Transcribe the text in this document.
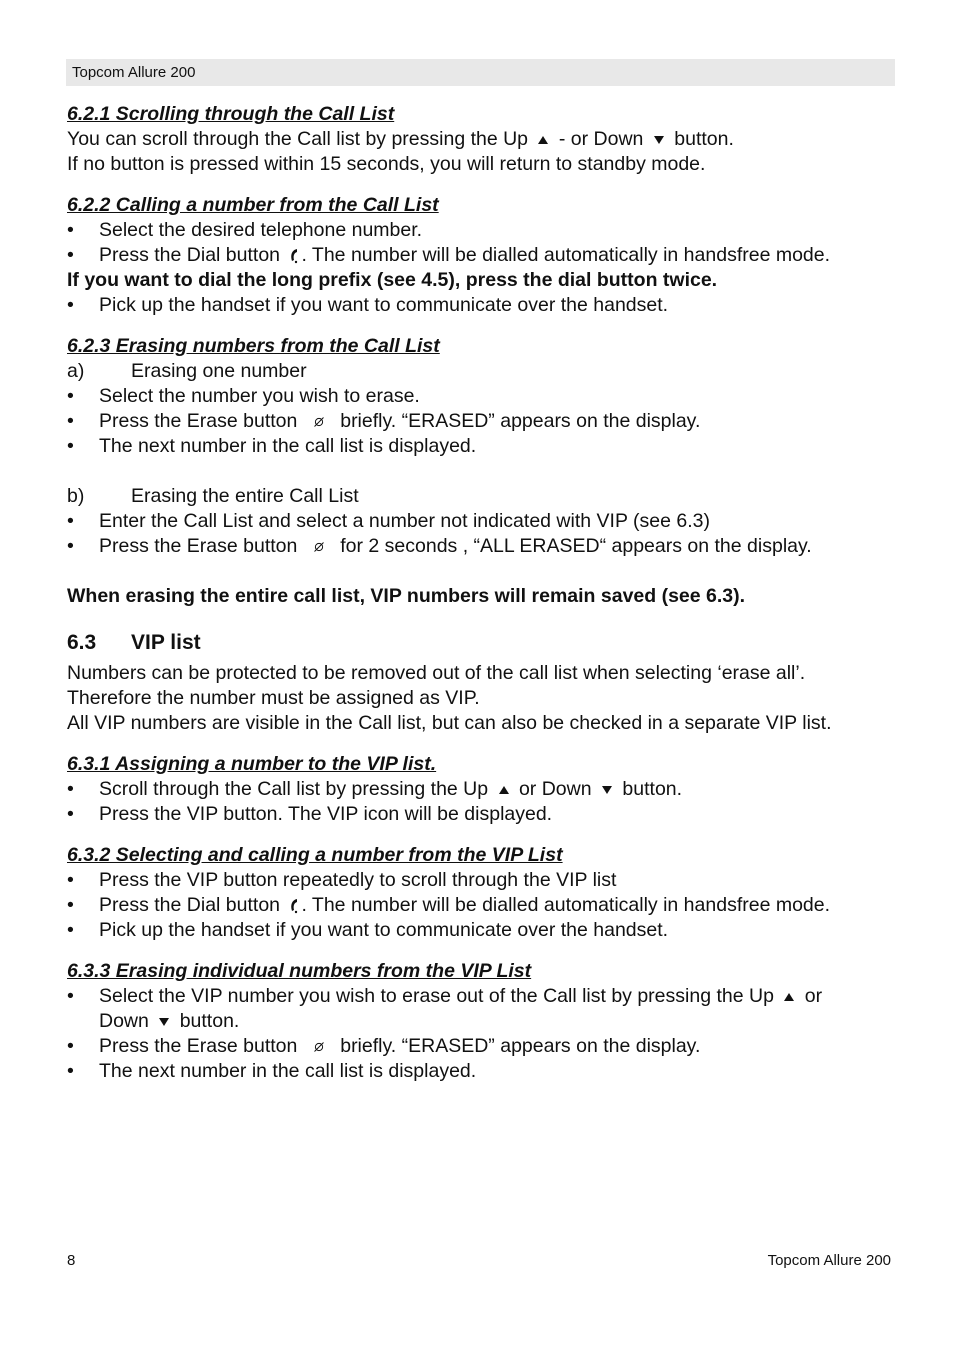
Topcom Allure 200
6.2.1 Scrolling through the Call List
You can scroll through the Call list by pressing the Up - or Down button.
If no button is pressed within 15 seconds, you will return to standby mode.
6.2.2 Calling a number from the Call List
• Select the desired telephone number.
• Press the Dial button . The number will be dialled automatically in handsfree mode.
If you want to dial the long prefix (see 4.5), press the dial button twice.
• Pick up the handset if you want to communicate over the handset.
6.2.3 Erasing numbers from the Call List
a) Erasing one number
• Select the number you wish to erase.
• Press the Erase button briefly. “ERASED” appears on the display.
• The next number in the call list is displayed.
b) Erasing the entire Call List
• Enter the Call List and select a number not indicated with VIP (see 6.3)
• Press the Erase button for 2 seconds , “ALL ERASED“ appears on the display.
When erasing the entire call list, VIP numbers will remain saved (see 6.3).
6.3 VIP list
Numbers can be protected to be removed out of the call list when selecting ‘erase all’.
Therefore the number must be assigned as VIP.
All VIP numbers are visible in the Call list, but can also be checked in a separate VIP list.
6.3.1 Assigning a number to the VIP list.
• Scroll through the Call list by pressing the Up or Down button.
• Press the VIP button. The VIP icon will be displayed.
6.3.2 Selecting and calling a number from the VIP List
• Press the VIP button repeatedly to scroll through the VIP list
• Press the Dial button . The number will be dialled automatically in handsfree mode.
• Pick up the handset if you want to communicate over the handset.
6.3.3 Erasing individual numbers from the VIP List
• Select the VIP number you wish to erase out of the Call list by pressing the Up or
Down button.
• Press the Erase button briefly. “ERASED” appears on the display.
• The next number in the call list is displayed.
8	Topcom Allure 200
